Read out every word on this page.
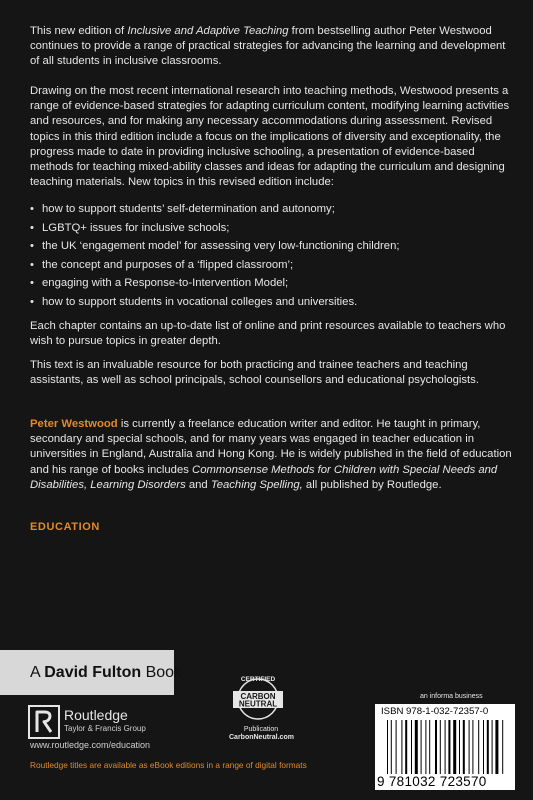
This new edition of Inclusive and Adaptive Teaching from bestselling author Peter Westwood continues to provide a range of practical strategies for advancing the learning and development of all students in inclusive classrooms.

Drawing on the most recent international research into teaching methods, Westwood presents a range of evidence-based strategies for adapting curriculum content, modifying learning activities and resources, and for making any necessary accommodations during assessment. Revised topics in this third edition include a focus on the implications of diversity and exceptionality, the progress made to date in providing inclusive schooling, a presentation of evidence-based methods for teaching mixed-ability classes and ideas for adapting the curriculum and designing teaching materials. New topics in this revised edition include:

• how to support students’ self-determination and autonomy;
• LGBTQ+ issues for inclusive schools;
• the UK ‘engagement model’ for assessing very low-functioning children;
• the concept and purposes of a ‘flipped classroom’;
• engaging with a Response-to-Intervention Model;
• how to support students in vocational colleges and universities.

Each chapter contains an up-to-date list of online and print resources available to teachers who wish to pursue topics in greater depth.

This text is an invaluable resource for both practicing and trainee teachers and teaching assistants, as well as school principals, school counsellors and educational psychologists.

Peter Westwood is currently a freelance education writer and editor. He taught in primary, secondary and special schools, and for many years was engaged in teacher education in universities in England, Australia and Hong Kong. He is widely published in the field of education and his range of books includes Commonsense Methods for Children with Special Needs and Disabilities, Learning Disorders and Teaching Spelling, all published by Routledge.

EDUCATION
A David Fulton Book
Routledge
Taylor & Francis Group
www.routledge.com/education
Routledge titles are available as eBook editions in a range of digital formats
CERTIFIED
CARBON
NEUTRAL
Publication
CarbonNeutral.com
an informa business
ISBN 978-1-032-72357-0
9 781032 723570
